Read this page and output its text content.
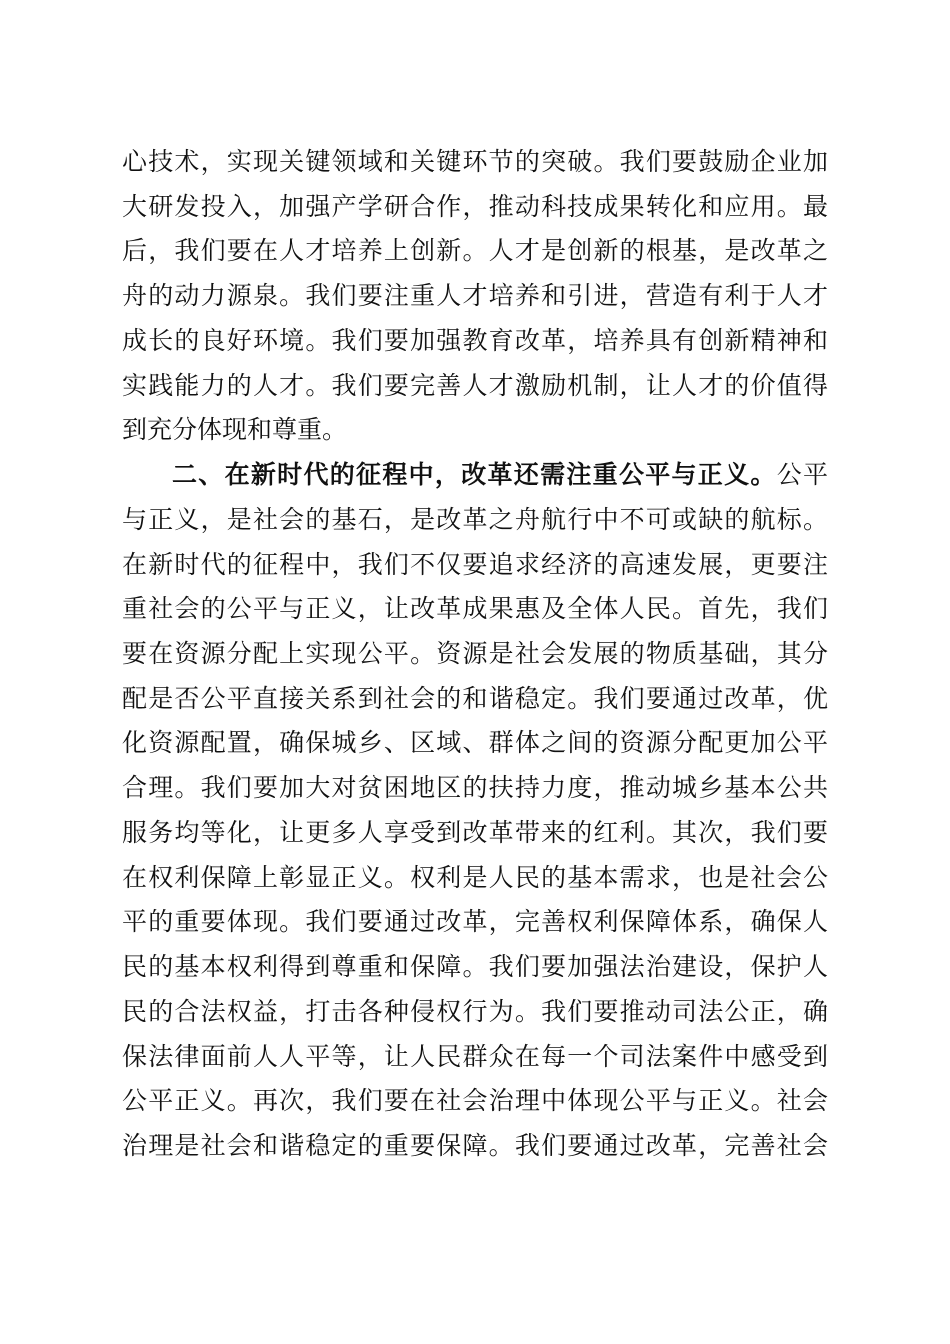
心技术，实现关键领域和关键环节的突破。我们要鼓励企业加
大研发投入，加强产学研合作，推动科技成果转化和应用。最
后，我们要在人才培养上创新。人才是创新的根基，是改革之
舟的动力源泉。我们要注重人才培养和引进，营造有利于人才
成长的良好环境。我们要加强教育改革，培养具有创新精神和
实践能力的人才。我们要完善人才激励机制，让人才的价值得
到充分体现和尊重。
二、在新时代的征程中，改革还需注重公平与正义。公平
与正义，是社会的基石，是改革之舟航行中不可或缺的航标。
在新时代的征程中，我们不仅要追求经济的高速发展，更要注
重社会的公平与正义，让改革成果惠及全体人民。首先，我们
要在资源分配上实现公平。资源是社会发展的物质基础，其分
配是否公平直接关系到社会的和谐稳定。我们要通过改革，优
化资源配置，确保城乡、区域、群体之间的资源分配更加公平
合理。我们要加大对贫困地区的扶持力度，推动城乡基本公共
服务均等化，让更多人享受到改革带来的红利。其次，我们要
在权利保障上彰显正义。权利是人民的基本需求，也是社会公
平的重要体现。我们要通过改革，完善权利保障体系，确保人
民的基本权利得到尊重和保障。我们要加强法治建设，保护人
民的合法权益，打击各种侵权行为。我们要推动司法公正，确
保法律面前人人平等，让人民群众在每一个司法案件中感受到
公平正义。再次，我们要在社会治理中体现公平与正义。社会
治理是社会和谐稳定的重要保障。我们要通过改革，完善社会
